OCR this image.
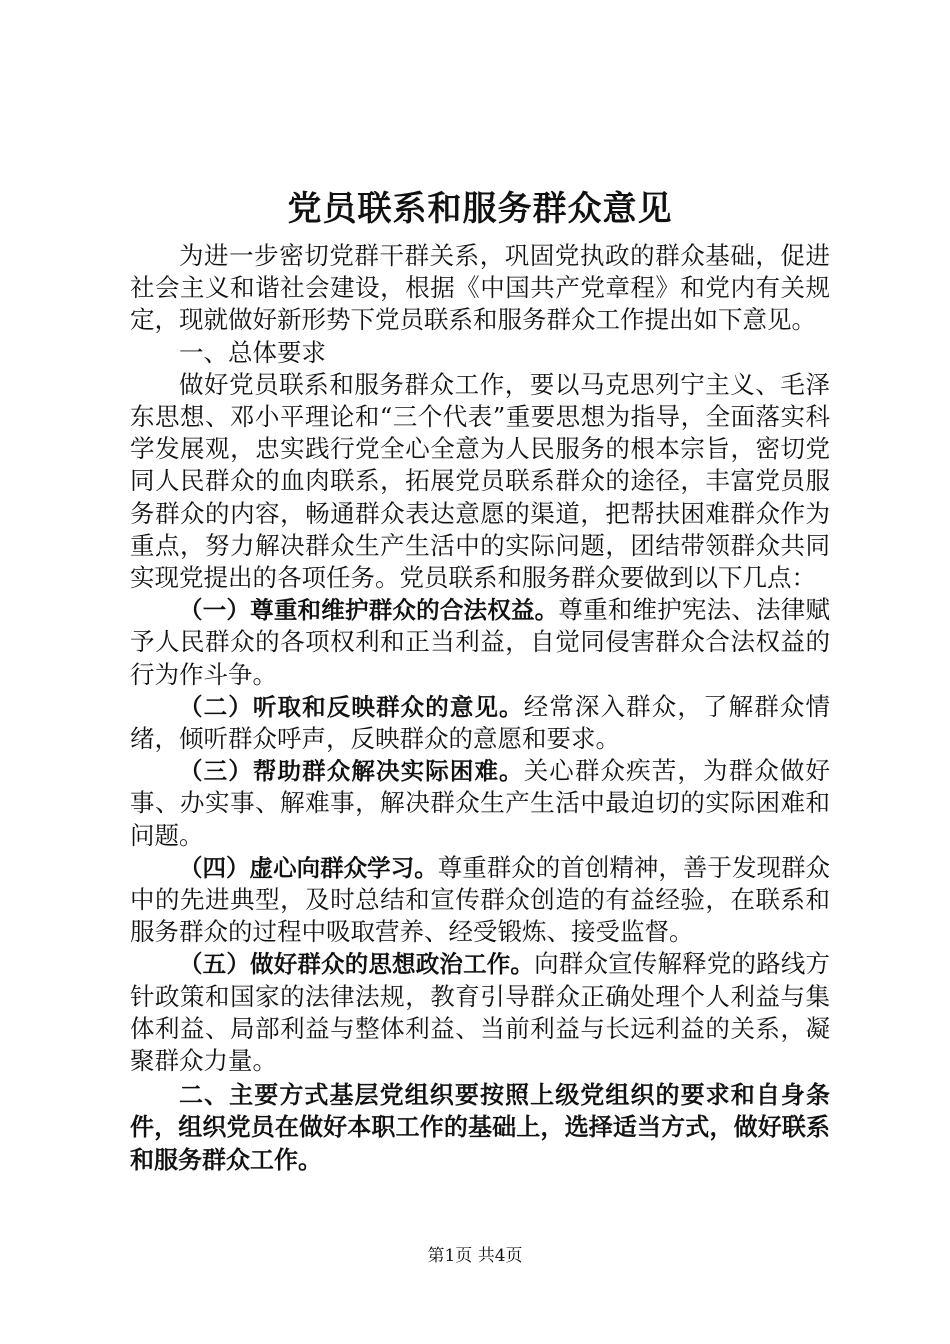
党员联系和服务群众意见

为进一步密切党群干群关系，巩固党执政的群众基础，促进社会主义和谐社会建设，根据《中国共产党章程》和党内有关规定，现就做好新形势下党员联系和服务群众工作提出如下意见。

一、总体要求

做好党员联系和服务群众工作，要以马克思列宁主义、毛泽东思想、邓小平理论和“三个代表”重要思想为指导，全面落实科学发展观，忠实践行党全心全意为人民服务的根本宗旨，密切党同人民群众的血肉联系，拓展党员联系群众的途径，丰富党员服务群众的内容，畅通群众表达意愿的渠道，把帮扶困难群众作为重点，努力解决群众生产生活中的实际问题，团结带领群众共同实现党提出的各项任务。党员联系和服务群众要做到以下几点：

（一）尊重和维护群众的合法权益。尊重和维护宪法、法律赋予人民群众的各项权利和正当利益，自觉同侵害群众合法权益的行为作斗争。

（二）听取和反映群众的意见。经常深入群众，了解群众情绪，倾听群众呼声，反映群众的意愿和要求。

（三）帮助群众解决实际困难。关心群众疾苦，为群众做好事、办实事、解难事，解决群众生产生活中最迫切的实际困难和问题。

（四）虚心向群众学习。尊重群众的首创精神，善于发现群众中的先进典型，及时总结和宣传群众创造的有益经验，在联系和服务群众的过程中吸取营养、经受锻炼、接受监督。

（五）做好群众的思想政治工作。向群众宣传解释党的路线方针政策和国家的法律法规，教育引导群众正确处理个人利益与集体利益、局部利益与整体利益、当前利益与长远利益的关系，凝聚群众力量。

二、主要方式基层党组织要按照上级党组织的要求和自身条件，组织党员在做好本职工作的基础上，选择适当方式，做好联系和服务群众工作。

第1页 共4页
